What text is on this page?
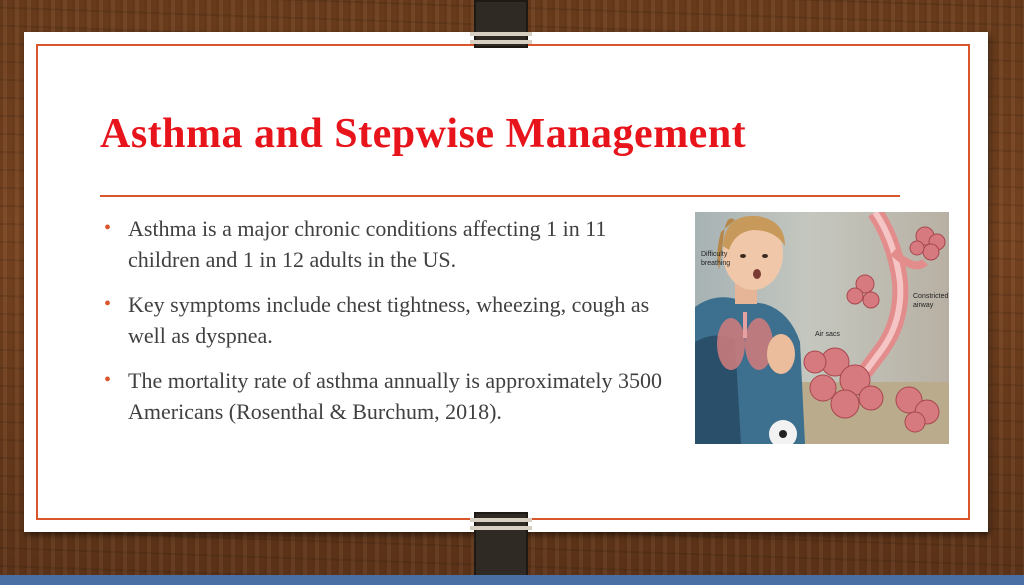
Asthma and Stepwise Management
• Asthma is a major chronic conditions affecting 1 in 11 children and 1 in 12 adults in the US.
• Key symptoms include chest tightness, wheezing, cough as well as dyspnea.
• The mortality rate of asthma annually is approximately 3500 Americans (Rosenthal & Burchum, 2018).
Difficulty
breathing
Constricted
airway
Air sacs
